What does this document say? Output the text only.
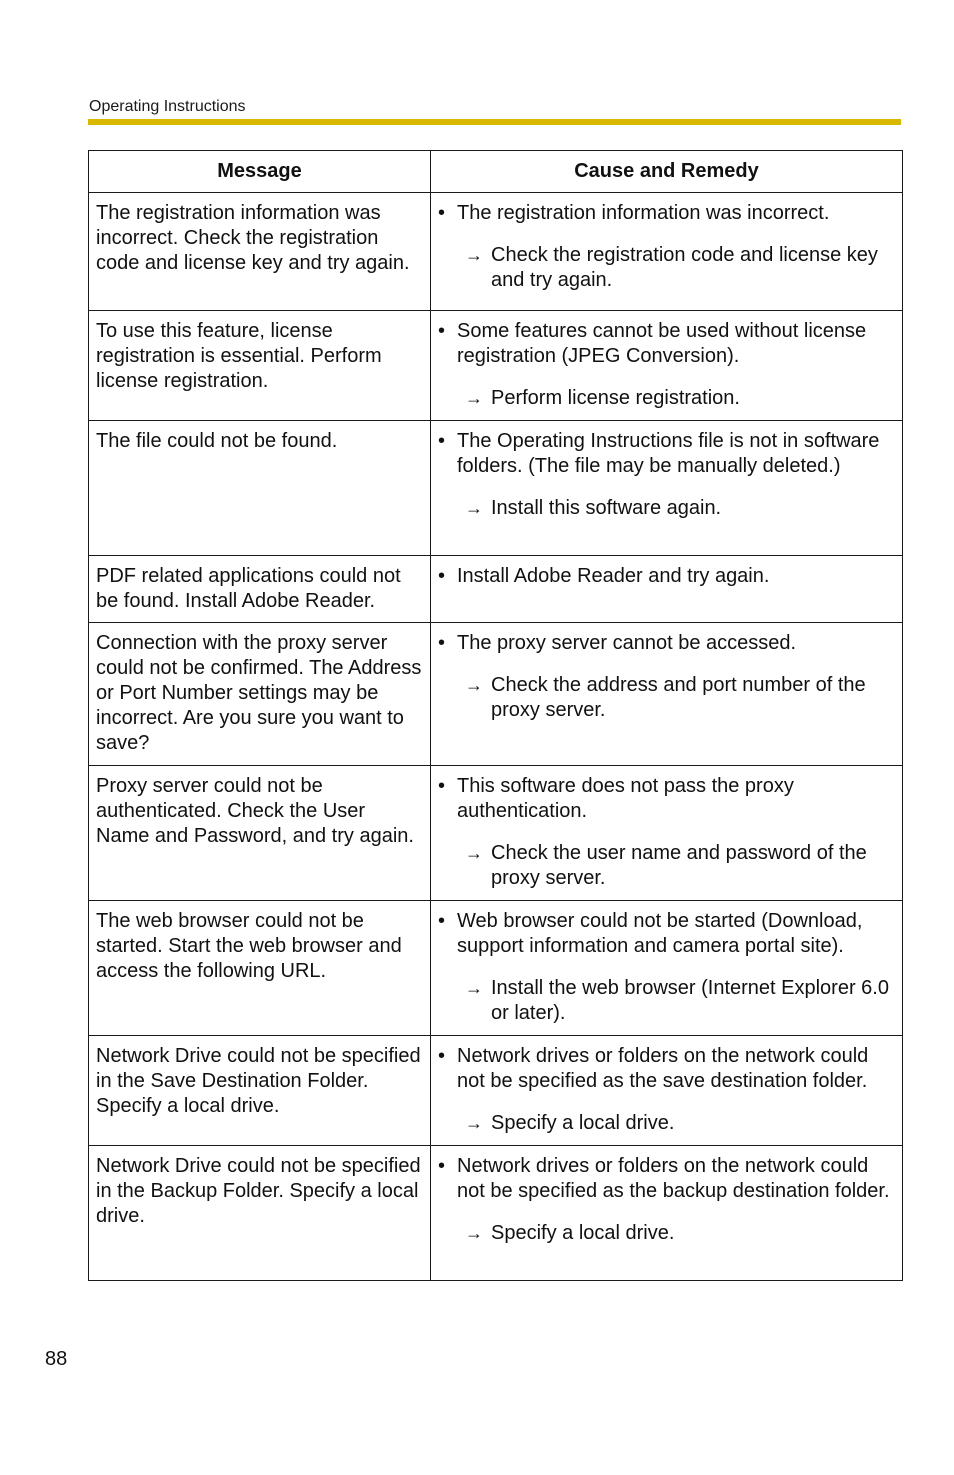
Operating Instructions
Message	Cause and Remedy
The registration information was incorrect. Check the registration code and license key and try again.	• The registration information was incorrect.
→ Check the registration code and license key and try again.

To use this feature, license registration is essential. Perform license registration.	• Some features cannot be used without license registration (JPEG Conversion).
→ Perform license registration.

The file could not be found.	• The Operating Instructions file is not in software folders. (The file may be manually deleted.)
→ Install this software again.

PDF related applications could not be found. Install Adobe Reader.	• Install Adobe Reader and try again.

Connection with the proxy server could not be confirmed. The Address or Port Number settings may be incorrect. Are you sure you want to save?	• The proxy server cannot be accessed.
→ Check the address and port number of the proxy server.

Proxy server could not be authenticated. Check the User Name and Password, and try again.	• This software does not pass the proxy authentication.
→ Check the user name and password of the proxy server.

The web browser could not be started. Start the web browser and access the following URL.	• Web browser could not be started (Download, support information and camera portal site).
→ Install the web browser (Internet Explorer 6.0 or later).

Network Drive could not be specified in the Save Destination Folder. Specify a local drive.	• Network drives or folders on the network could not be specified as the save destination folder.
→ Specify a local drive.

Network Drive could not be specified in the Backup Folder. Specify a local drive.	• Network drives or folders on the network could not be specified as the backup destination folder.
→ Specify a local drive.
88
